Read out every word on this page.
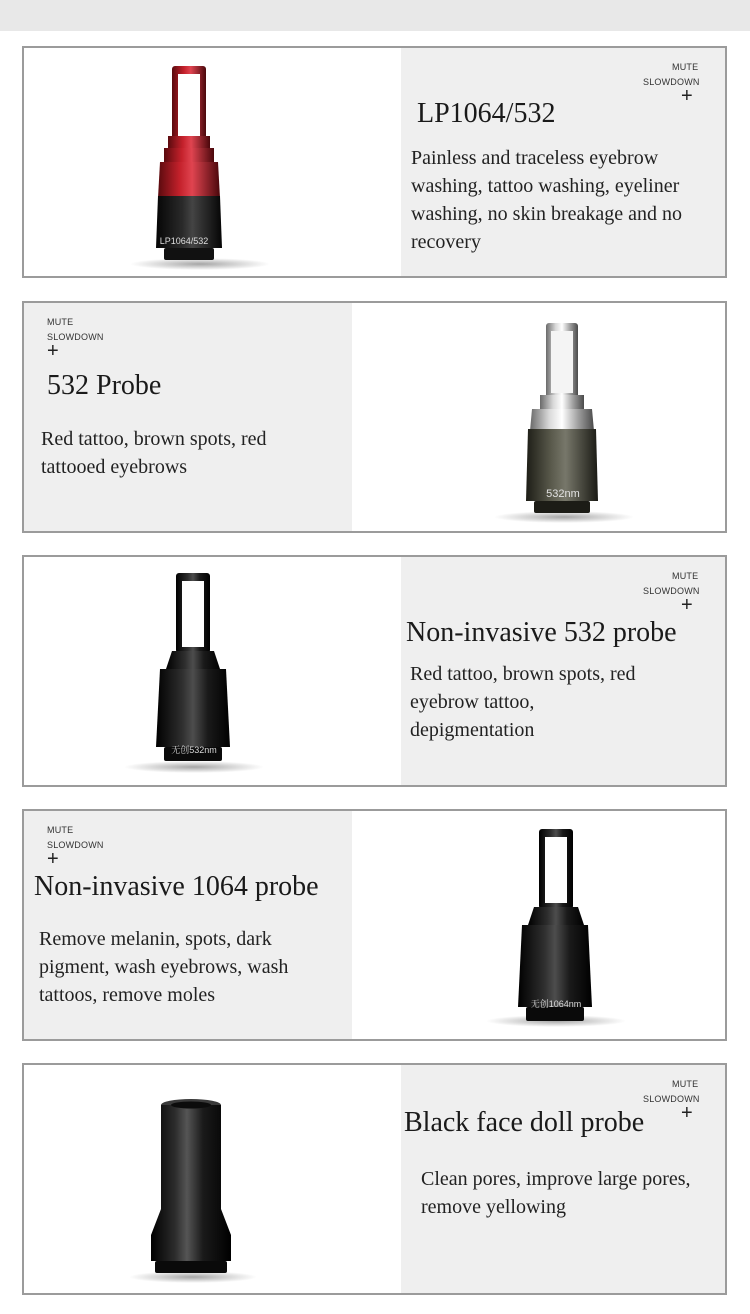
LP1064/532
MUTE
SLOWDOWN
+
LP1064/532
Painless and traceless eyebrow washing, tattoo washing, eyeliner washing, no skin breakage and no recovery
MUTE
SLOWDOWN
+
532 Probe
Red tattoo, brown spots, red tattooed eyebrows
532nm
无创532nm
MUTE
SLOWDOWN
+
Non-invasive 532 probe
Red tattoo, brown spots, red eyebrow tattoo, depigmentation
MUTE
SLOWDOWN
+
Non-invasive 1064 probe
Remove melanin, spots, dark pigment, wash eyebrows, wash tattoos, remove moles	无创1064nm
MUTE
SLOWDOWN
+
Black face doll probe
Clean pores, improve large pores, remove yellowing
